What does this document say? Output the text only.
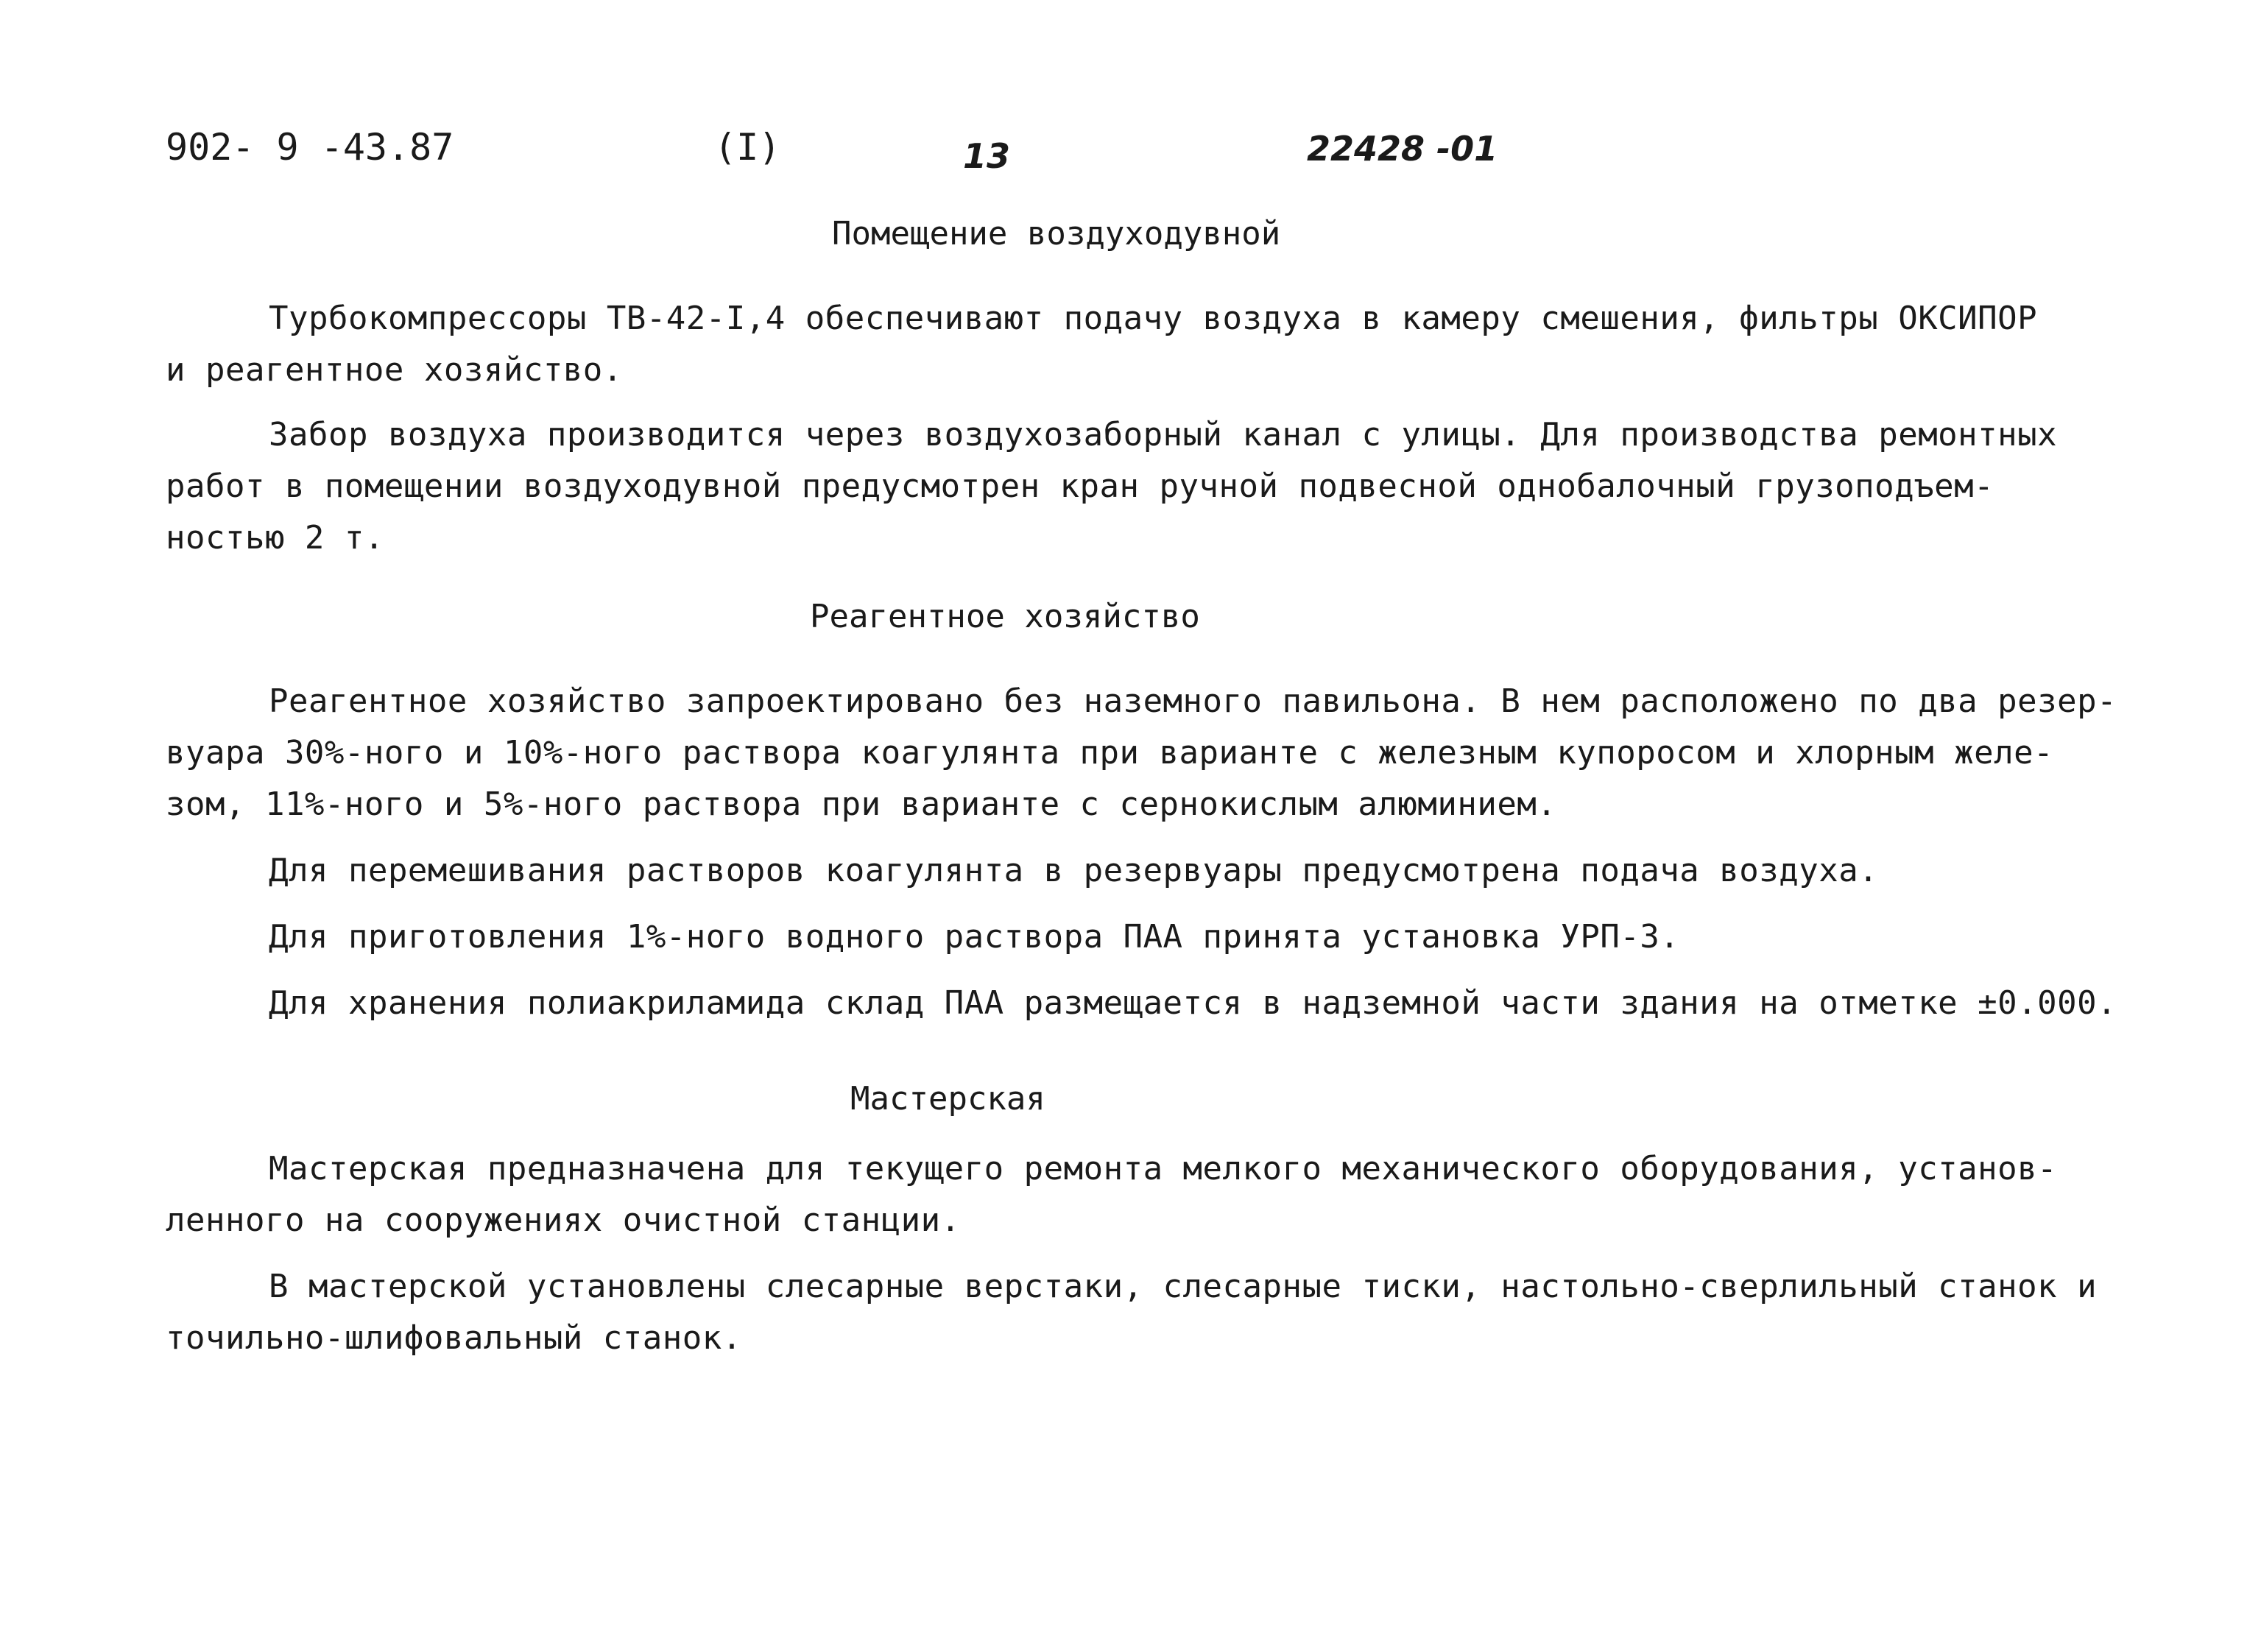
902- 9 -43.87	(I)	13	22428 -01
Помещение воздуходувной
Турбокомпрессоры ТВ-42-I,4 обеспечивают подачу воздуха в камеру смешения, фильтры ОКСИПОР
и реагентное хозяйство.
Забор воздуха производится через воздухозаборный канал с улицы. Для производства ремонтных
работ в помещении воздуходувной предусмотрен кран ручной подвесной однобалочный грузоподъем-
ностью 2 т.
Реагентное хозяйство
Реагентное хозяйство запроектировано без наземного павильона. В нем расположено по два резер-
вуара 30%-ного и 10%-ного раствора коагулянта при варианте с железным купоросом и хлорным желе-
зом, 11%-ного и 5%-ного раствора при варианте с сернокислым алюминием.
Для перемешивания растворов коагулянта в резервуары предусмотрена подача воздуха.
Для приготовления 1%-ного водного раствора ПАА принята установка УРП-3.
Для хранения полиакриламида склад ПАА размещается в надземной части здания на отметке ±0.000.
Мастерская
Мастерская предназначена для текущего ремонта мелкого механического оборудования, установ-
ленного на сооружениях очистной станции.
В мастерской установлены слесарные верстаки, слесарные тиски, настольно-сверлильный станок и
точильно-шлифовальный станок.
